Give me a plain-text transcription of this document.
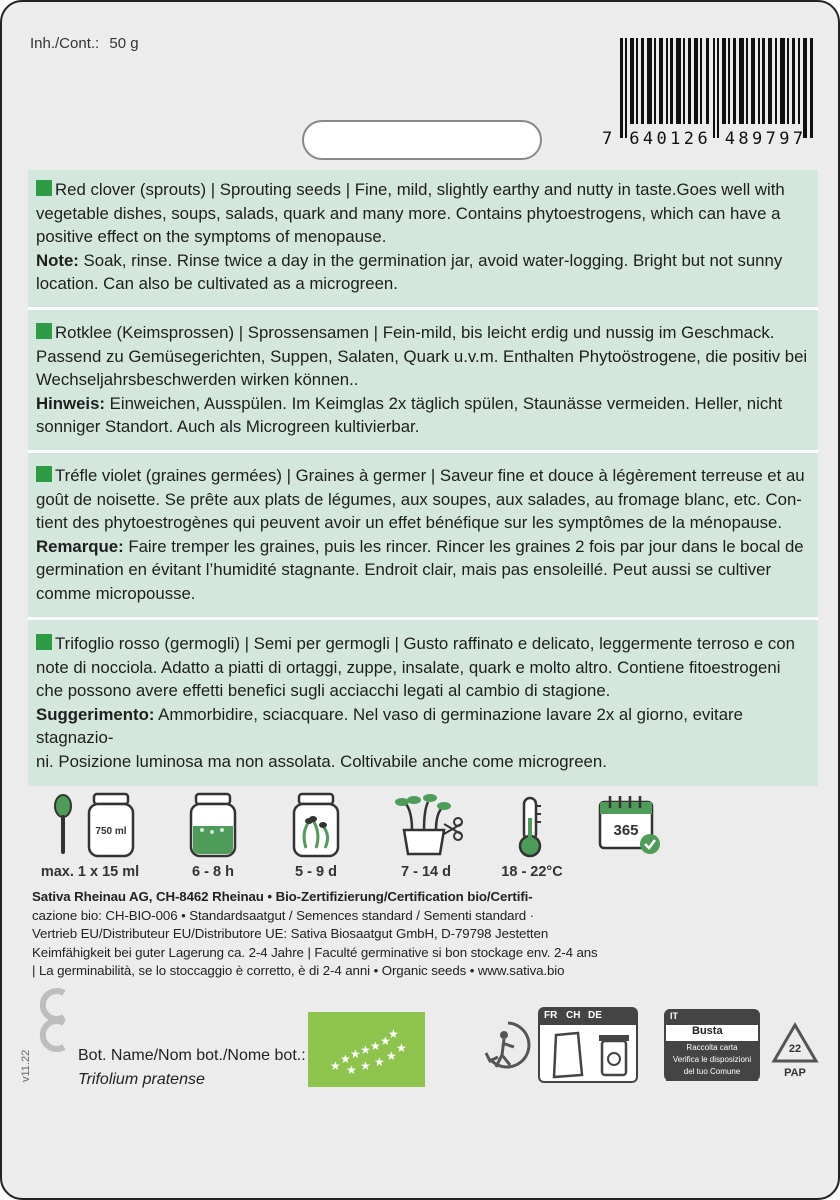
Inh./Cont.: 50 g
7 640126 489797
Red clover (sprouts) | Sprouting seeds | Fine, mild, slightly earthy and nutty in taste.Goes well with
vegetable dishes, soups, salads, quark and many more. Contains phytoestrogens, which can have a
positive effect on the symptoms of menopause.
Note: Soak, rinse. Rinse twice a day in the germination jar, avoid water-logging. Bright but not sunny
location. Can also be cultivated as a microgreen.
Rotklee (Keimsprossen) | Sprossensamen | Fein-mild, bis leicht erdig und nussig im Geschmack.
Passend zu Gemüsegerichten, Suppen, Salaten, Quark u.v.m. Enthalten Phytoöstrogene, die positiv bei
Wechseljahrsbeschwerden wirken können..
Hinweis: Einweichen, Ausspülen. Im Keimglas 2x täglich spülen, Staunässe vermeiden. Heller, nicht
sonniger Standort. Auch als Microgreen kultivierbar.
Tréfle violet (graines germées) | Graines à germer | Saveur fine et douce à légèrement terreuse et au
goût de noisette. Se prête aux plats de légumes, aux soupes, aux salades, au fromage blanc, etc. Con-
tient des phytoestrogènes qui peuvent avoir un effet bénéfique sur les symptômes de la ménopause.
Remarque: Faire tremper les graines, puis les rincer. Rincer les graines 2 fois par jour dans le bocal de
germination en évitant l’humidité stagnante. Endroit clair, mais pas ensoleillé. Peut aussi se cultiver
comme micropousse.
Trifoglio rosso (germogli) | Semi per germogli | Gusto raffinato e delicato, leggermente terroso e con
note di nocciola. Adatto a piatti di ortaggi, zuppe, insalate, quark e molto altro. Contiene fitoestrogeni
che possono avere effetti benefici sugli acciacchi legati al cambio di stagione.
Suggerimento: Ammorbidire, sciacquare. Nel vaso di germinazione lavare 2x al giorno, evitare stagnazio-
ni. Posizione luminosa ma non assolata. Coltivabile anche come microgreen.
max. 1 x 15 ml
750 ml
6 - 8 h	5 - 9 d	7 - 14 d	18 - 22°C
365
Sativa Rheinau AG, CH-8462 Rheinau • Bio-Zertifizierung/Certification bio/Certifi-
cazione bio: CH-BIO-006 • Standardsaatgut / Semences standard / Sementi standard ·
Vertrieb EU/Distributeur EU/Distributore UE: Sativa Biosaatgut GmbH, D-79798 Jestetten
Keimfähigkeit bei guter Lagerung ca. 2-4 Jahre | Faculté germinative si bon stockage env. 2-4 ans
| La germinabilità, se lo stoccaggio è corretto, è di 2-4 anni • Organic seeds • www.sativa.bio
v11.22	Bot. Name/Nom bot./Nome bot.:
Trifolium pratense
★ ★ ★ ★ ★ ★
★
★ ★ ★ ★
★
FR CH DE	IT
Busta
Raccolta carta
Verifica le disposizioni
del tuo Comune
22
PAP
